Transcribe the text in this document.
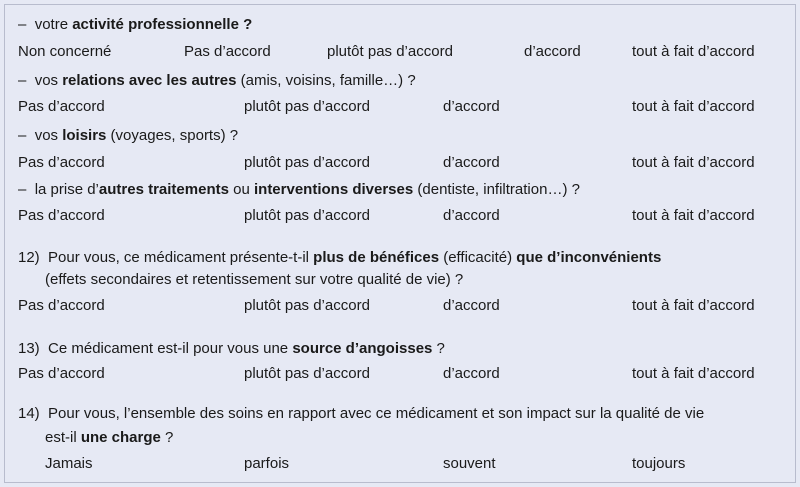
– votre activité professionnelle ?
Non concerné	Pas d’accord	plutôt pas d’accord	d’accord	tout à fait d’accord
– vos relations avec les autres (amis, voisins, famille…) ?
Pas d’accord	plutôt pas d’accord	d’accord	tout à fait d’accord
– vos loisirs (voyages, sports) ?
Pas d’accord	plutôt pas d’accord	d’accord	tout à fait d’accord
– la prise d’autres traitements ou interventions diverses (dentiste, infiltration…) ?
Pas d’accord	plutôt pas d’accord	d’accord	tout à fait d’accord
12) Pour vous, ce médicament présente-t-il plus de bénéfices (efficacité) que d’inconvénients
(effets secondaires et retentissement sur votre qualité de vie) ?
Pas d’accord	plutôt pas d’accord	d’accord	tout à fait d’accord
13) Ce médicament est-il pour vous une source d’angoisses ?
Pas d’accord	plutôt pas d’accord	d’accord	tout à fait d’accord
14) Pour vous, l’ensemble des soins en rapport avec ce médicament et son impact sur la qualité de vie
est-il une charge ?
Jamais	parfois	souvent	toujours
